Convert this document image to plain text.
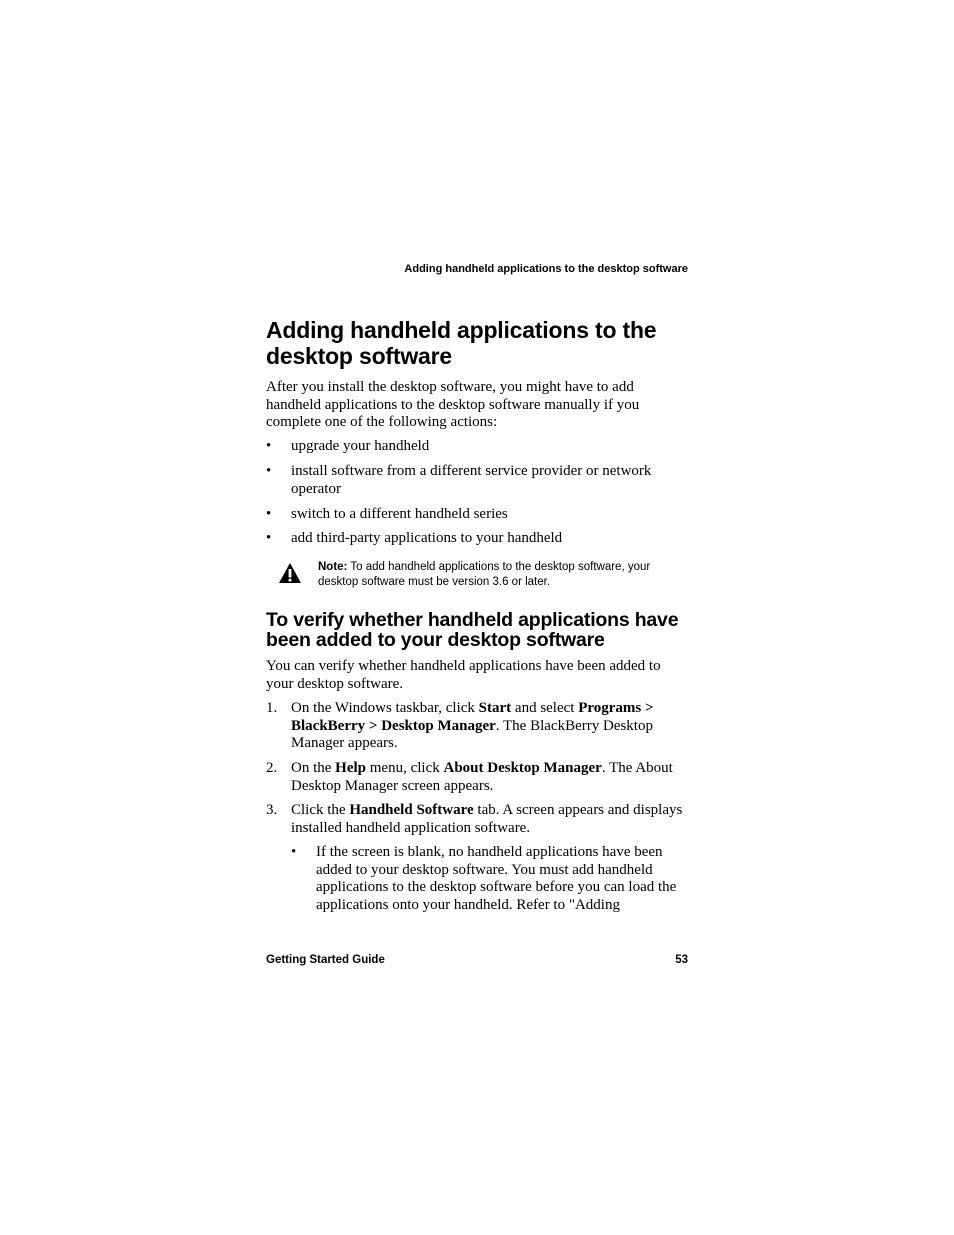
Adding handheld applications to the desktop software
Adding handheld applications to the desktop software

After you install the desktop software, you might have to add handheld applications to the desktop software manually if you complete one of the following actions:

• upgrade your handheld
• install software from a different service provider or network operator
• switch to a different handheld series
• add third-party applications to your handheld
Note: To add handheld applications to the desktop software, your desktop software must be version 3.6 or later.
To verify whether handheld applications have been added to your desktop software

You can verify whether handheld applications have been added to your desktop software.

1. On the Windows taskbar, click Start and select Programs > BlackBerry > Desktop Manager. The BlackBerry Desktop Manager appears.
2. On the Help menu, click About Desktop Manager. The About Desktop Manager screen appears.
3. Click the Handheld Software tab. A screen appears and displays installed handheld application software.
• If the screen is blank, no handheld applications have been added to your desktop software. You must add handheld applications to the desktop software before you can load the applications onto your handheld. Refer to "Adding
Getting Started Guide	53
